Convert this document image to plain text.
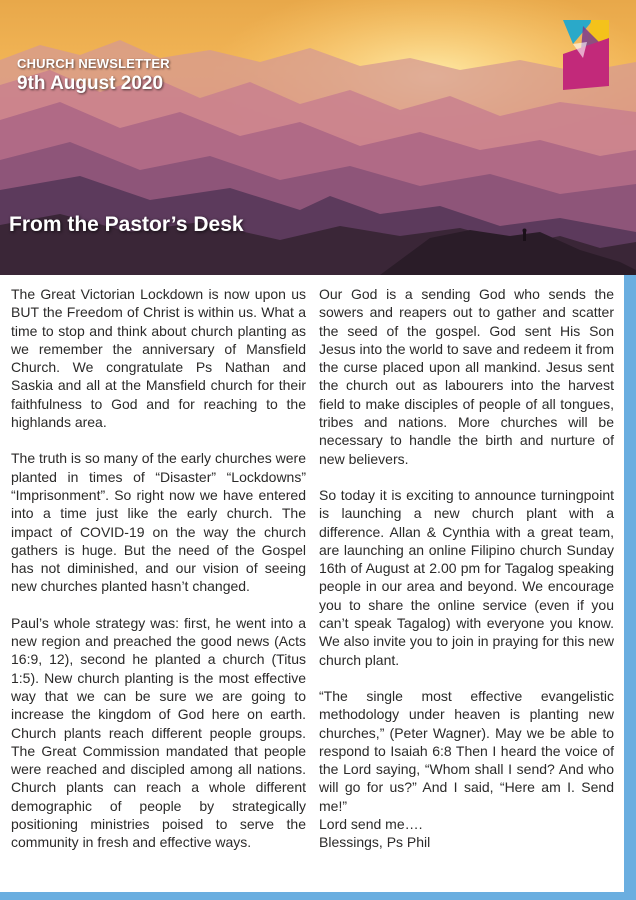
CHURCH NEWSLETTER

9th August 2020

From the Pastor’s Desk

The Great Victorian Lockdown is now upon us BUT the Freedom of Christ is within us. What a time to stop and think about church planting as we remember the anniversary of Mansfield Church. We congratulate Ps Nathan and Saskia and all at the Mansfield church for their faithfulness to God and for reaching to the highlands area.

The truth is so many of the early churches were planted in times of “Disaster” “Lockdowns” “Imprisonment”. So right now we have entered into a time just like the early church. The impact of COVID-19 on the way the church gathers is huge. But the need of the Gospel has not diminished, and our vision of seeing new churches planted hasn’t changed.

Paul’s whole strategy was: first, he went into a new region and preached the good news (Acts 16:9, 12), second he planted a church (Titus 1:5). New church planting is the most effective way that we can be sure we are going to increase the kingdom of God here on earth. Church plants reach different people groups. The Great Commission mandated that people were reached and discipled among all nations. Church plants can reach a whole different demographic of people by strategically positioning ministries poised to serve the community in fresh and effective ways.

Our God is a sending God who sends the sowers and reapers out to gather and scatter the seed of the gospel. God sent His Son Jesus into the world to save and redeem it from the curse placed upon all mankind. Jesus sent the church out as labourers into the harvest field to make disciples of people of all tongues, tribes and nations. More churches will be necessary to handle the birth and nurture of new believers.

So today it is exciting to announce turningpoint is launching a new church plant with a difference. Allan & Cynthia with a great team, are launching an online Filipino church Sunday 16th of August at 2.00 pm for Tagalog speaking people in our area and beyond. We encourage you to share the online service (even if you can’t speak Tagalog) with everyone you know. We also invite you to join in praying for this new church plant.

“The single most effective evangelistic methodology under heaven is planting new churches,” (Peter Wagner). May we be able to respond to Isaiah 6:8 Then I heard the voice of the Lord saying, “Whom shall I send? And who will go for us?” And I said, “Here am I. Send me!”

Lord send me….

Blessings, Ps Phil
